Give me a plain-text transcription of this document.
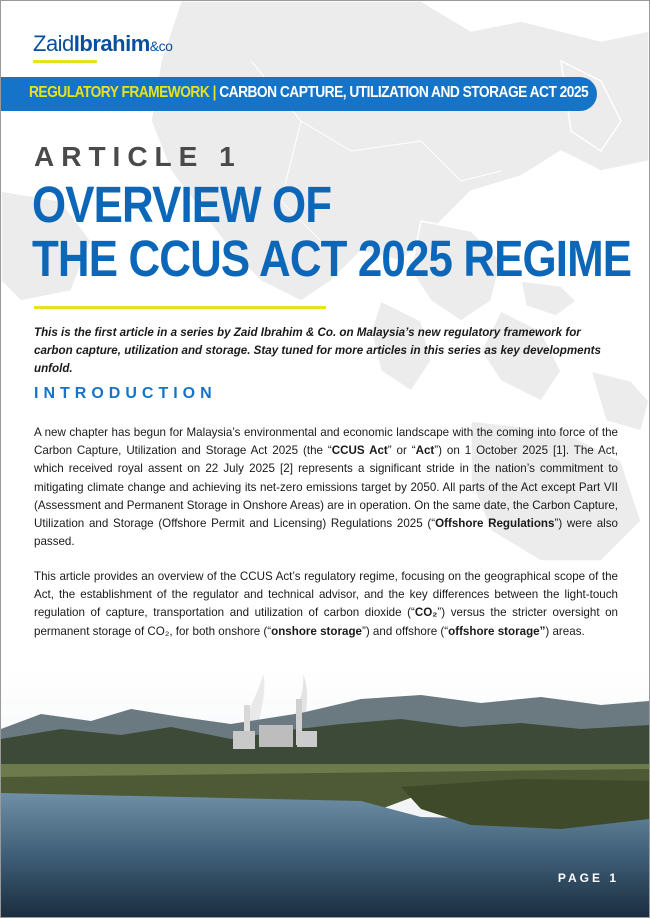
ZaidIbrahim&co
REGULATORY FRAMEWORK | CARBON CAPTURE, UTILIZATION AND STORAGE ACT 2025
ARTICLE 1
OVERVIEW OF
THE CCUS ACT 2025 REGIME
This is the first article in a series by Zaid Ibrahim & Co. on Malaysia’s new regulatory framework for carbon capture, utilization and storage. Stay tuned for more articles in this series as key developments unfold.
INTRODUCTION
A new chapter has begun for Malaysia’s environmental and economic landscape with the coming into force of the Carbon Capture, Utilization and Storage Act 2025 (the “CCUS Act” or “Act”) on 1 October 2025 [1]. The Act, which received royal assent on 22 July 2025 [2] represents a significant stride in the nation’s commitment to mitigating climate change and achieving its net-zero emissions target by 2050. All parts of the Act except Part VII (Assessment and Permanent Storage in Onshore Areas) are in operation. On the same date, the Carbon Capture, Utilization and Storage (Offshore Permit and Licensing) Regulations 2025 (“Offshore Regulations”) were also passed.
This article provides an overview of the CCUS Act’s regulatory regime, focusing on the geographical scope of the Act, the establishment of the regulator and technical advisor, and the key differences between the light-touch regulation of capture, transportation and utilization of carbon dioxide (“CO₂”) versus the stricter oversight on permanent storage of CO₂, for both onshore (“onshore storage”) and offshore (“offshore storage”) areas.
PAGE 1
